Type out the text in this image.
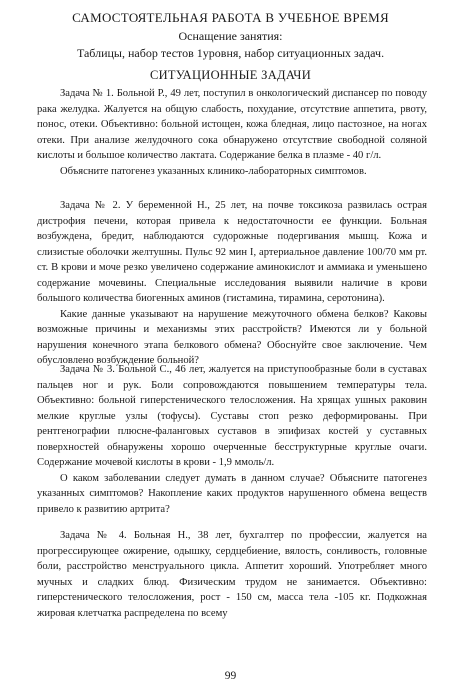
САМОСТОЯТЕЛЬНАЯ РАБОТА В УЧЕБНОЕ ВРЕМЯ
Оснащение занятия:
Таблицы, набор тестов 1уровня, набор ситуационных задач.
СИТУАЦИОННЫЕ ЗАДАЧИ

Задача № 1. Больной Р., 49 лет, поступил в онкологический диспансер по поводу рака желудка. Жалуется на общую слабость, похудание, отсутствие аппетита, рвоту, понос, отеки. Объективно: больной истощен, кожа бледная, лицо пастозное, на ногах отеки. При анализе желудочного сока обнаружено отсутствие свободной соляной кислоты и большое количество лактата. Содержание белка в плазме - 40 г/л.

Объясните патогенез указанных клинико-лабораторных симптомов.

Задача № 2. У беременной Н., 25 лет, на почве токсикоза развилась острая дистрофия печени, которая привела к недостаточности ее функции. Больная возбуждена, бредит, наблюдаются судорожные подергивания мышц. Кожа и слизистые оболочки желтушны. Пульс 92 мин І, артериальное давление 100/70 мм рт. ст. В крови и моче резко увеличено содержание аминокислот и аммиака и уменьшено содержание мочевины. Специальные исследования выявили наличие в крови большого количества биогенных аминов (гистамина, тирамина, серотонина).

Какие данные указывают на нарушение межуточного обмена белков? Каковы возможные причины и механизмы этих расстройств? Имеются ли у больной нарушения конечного этапа белкового обмена? Обоснуйте свое заключение. Чем обусловлено возбуждение больной?

Задача № 3. Больной С., 46 лет, жалуется на приступообразные боли в суставах пальцев ног и рук. Боли сопровождаются повышением температуры тела. Объективно: больной гиперстенического телосложения. На хрящах ушных раковин мелкие круглые узлы (тофусы). Суставы стоп резко деформированы. При рентгенографии плюсне-фаланговых суставов в эпифизах костей у суставных поверхностей обнаружены хорошо очерченные бесструктурные круглые очаги. Содержание мочевой кислоты в крови - 1,9 ммоль/л.

О каком заболевании следует думать в данном случае? Объясните патогенез указанных симптомов? Накопление каких продуктов нарушенного обмена веществ привело к развитию артрита?

Задача № 4. Больная Н., 38 лет, бухгалтер по профессии, жалуется на прогрессирующее ожирение, одышку, сердцебиение, вялость, сонливость, головные боли, расстройство менструального цикла. Аппетит хороший. Употребляет много мучных и сладких блюд. Физическим трудом не занимается. Объективно: гиперстенического телосложения, рост - 150 см, масса тела -105 кг. Подкожная жировая клетчатка распределена по всему

99
